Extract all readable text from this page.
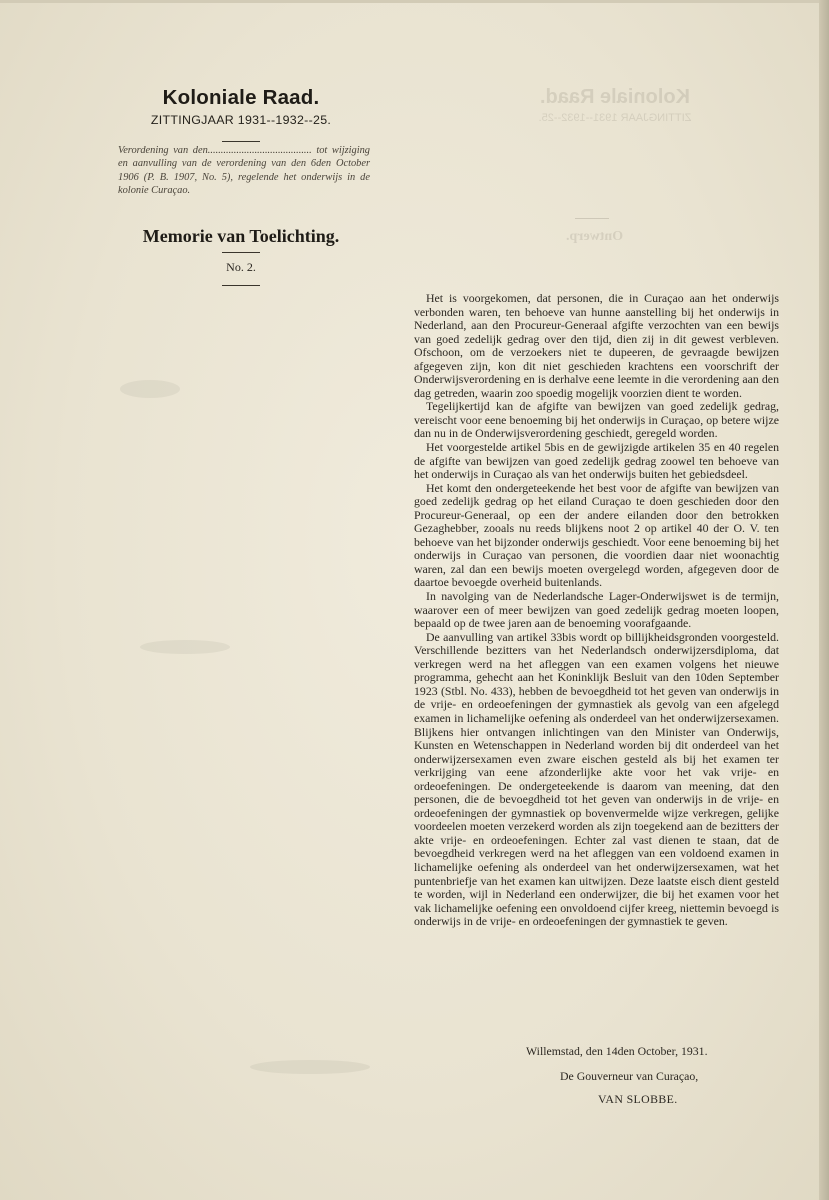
Koloniale Raad.
ZITTINGJAAR 1931--1932--25.
Ontwerp.
Koloniale Raad.
ZITTINGJAAR 1931--1932--25.
Verordening van den........................................ tot wijziging en aanvulling van de verordening van den 6den October 1906 (P. B. 1907, No. 5), regelende het onderwijs in de kolonie Curaçao.
Memorie van Toelichting.
No. 2.

Het is voorgekomen, dat personen, die in Curaçao aan het onderwijs verbonden waren, ten behoeve van hunne aanstelling bij het onderwijs in Nederland, aan den Procureur-Generaal afgifte verzochten van een bewijs van goed zedelijk gedrag over den tijd, dien zij in dit gewest verbleven. Ofschoon, om de verzoekers niet te dupeeren, de gevraagde bewijzen afgegeven zijn, kon dit niet geschieden krachtens een voorschrift der Onderwijsverordening en is derhalve eene leemte in die verordening aan den dag getreden, waarin zoo spoedig mogelijk voorzien dient te worden.

Tegelijkertijd kan de afgifte van bewijzen van goed zedelijk gedrag, vereischt voor eene benoeming bij het onderwijs in Curaçao, op betere wijze dan nu in de Onderwijsverordening geschiedt, geregeld worden.

Het voorgestelde artikel 5bis en de gewijzigde artikelen 35 en 40 regelen de afgifte van bewijzen van goed zedelijk gedrag zoowel ten behoeve van het onderwijs in Curaçao als van het onderwijs buiten het gebiedsdeel.

Het komt den ondergeteekende het best voor de afgifte van bewijzen van goed zedelijk gedrag op het eiland Curaçao te doen geschieden door den Procureur-Generaal, op een der andere eilanden door den betrokken Gezaghebber, zooals nu reeds blijkens noot 2 op artikel 40 der O. V. ten behoeve van het bijzonder onderwijs geschiedt. Voor eene benoeming bij het onderwijs in Curaçao van personen, die voordien daar niet woonachtig waren, zal dan een bewijs moeten overgelegd worden, afgegeven door de daartoe bevoegde overheid buitenlands.

In navolging van de Nederlandsche Lager-Onderwijswet is de termijn, waarover een of meer bewijzen van goed zedelijk gedrag moeten loopen, bepaald op de twee jaren aan de benoeming voorafgaande.

De aanvulling van artikel 33bis wordt op billijkheidsgronden voorgesteld. Verschillende bezitters van het Nederlandsch onderwijzersdiploma, dat verkregen werd na het afleggen van een examen volgens het nieuwe programma, gehecht aan het Koninklijk Besluit van den 10den September 1923 (Stbl. No. 433), hebben de bevoegdheid tot het geven van onderwijs in de vrije- en ordeoefeningen der gymnastiek als gevolg van een afgelegd examen in lichamelijke oefening als onderdeel van het onderwijzersexamen. Blijkens hier ontvangen inlichtingen van den Minister van Onderwijs, Kunsten en Wetenschappen in Nederland worden bij dit onderdeel van het onderwijzersexamen even zware eischen gesteld als bij het examen ter verkrijging van eene afzonderlijke akte voor het vak vrije- en ordeoefeningen. De ondergeteekende is daarom van meening, dat den personen, die de bevoegdheid tot het geven van onderwijs in de vrije- en ordeoefeningen der gymnastiek op bovenvermelde wijze verkregen, gelijke voordeelen moeten verzekerd worden als zijn toegekend aan de bezitters der akte vrije- en ordeoefeningen. Echter zal vast dienen te staan, dat de bevoegdheid verkregen werd na het afleggen van een voldoend examen in lichamelijke oefening als onderdeel van het onderwijzersexamen, wat het puntenbriefje van het examen kan uitwijzen. Deze laatste eisch dient gesteld te worden, wijl in Nederland een onderwijzer, die bij het examen voor het vak lichamelijke oefening een onvoldoend cijfer kreeg, niettemin bevoegd is onderwijs in de vrije- en ordeoefeningen der gymnastiek te geven.

Willemstad, den 14den October, 1931.
De Gouverneur van Curaçao,
VAN SLOBBE.
